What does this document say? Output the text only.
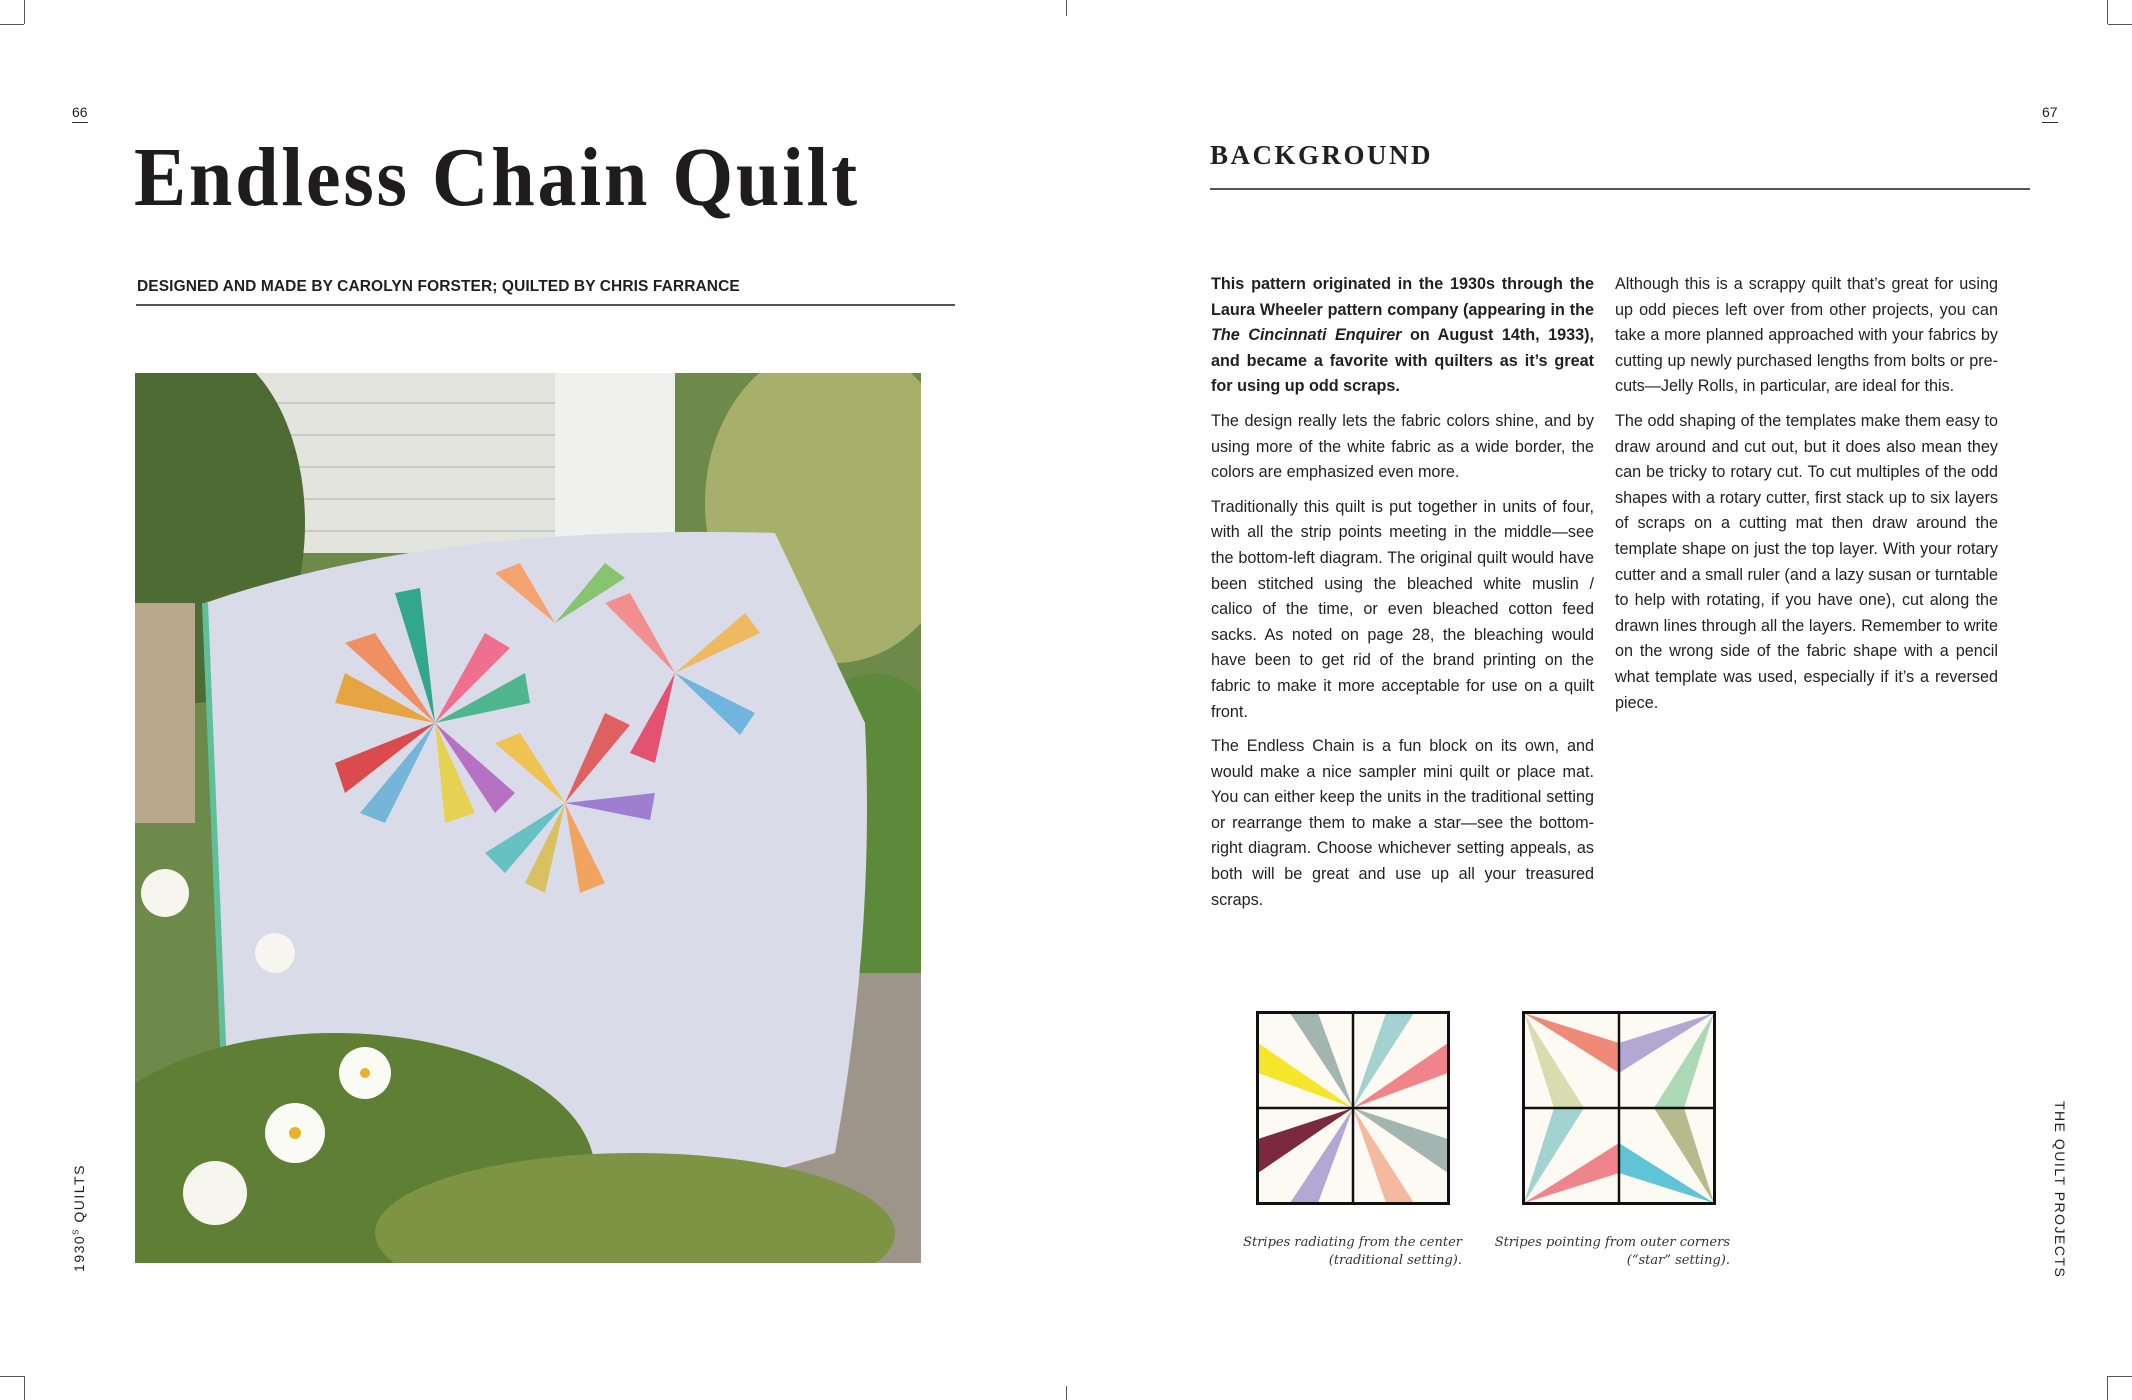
66
Endless Chain Quilt
DESIGNED AND MADE BY CAROLYN FORSTER; QUILTED BY CHRIS FARRANCE
$1930^S$ QUILTS
67
BACKGROUND

This pattern originated in the 1930s through the Laura Wheeler pattern company (appearing in the The Cincinnati Enquirer on August 14th, 1933), and became a favorite with quilters as it’s great for using up odd scraps.

The design really lets the fabric colors shine, and by using more of the white fabric as a wide border, the colors are emphasized even more.

Traditionally this quilt is put together in units of four, with all the strip points meeting in the middle—see the bottom-left diagram. The original quilt would have been stitched using the bleached white muslin / calico of the time, or even bleached cotton feed sacks. As noted on page 28, the bleaching would have been to get rid of the brand printing on the fabric to make it more acceptable for use on a quilt front.

The Endless Chain is a fun block on its own, and would make a nice sampler mini quilt or place mat. You can either keep the units in the traditional setting or rearrange them to make a star—see the bottom-right diagram. Choose whichever setting appeals, as both will be great and use up all your treasured scraps.

Although this is a scrappy quilt that’s great for using up odd pieces left over from other projects, you can take a more planned approached with your fabrics by cutting up newly purchased lengths from bolts or pre-cuts—Jelly Rolls, in particular, are ideal for this.

The odd shaping of the templates make them easy to draw around and cut out, but it does also mean they can be tricky to rotary cut. To cut multiples of the odd shapes with a rotary cutter, first stack up to six layers of scraps on a cutting mat then draw around the template shape on just the top layer. With your rotary cutter and a small ruler (and a lazy susan or turntable to help with rotating, if you have one), cut along the drawn lines through all the layers. Remember to write on the wrong side of the fabric shape with a pencil what template was used, especially if it’s a reversed piece.

Stripes radiating from the center
(traditional setting).
Stripes pointing from outer corners
(“star” setting).	THE QUILT PROJECTS
